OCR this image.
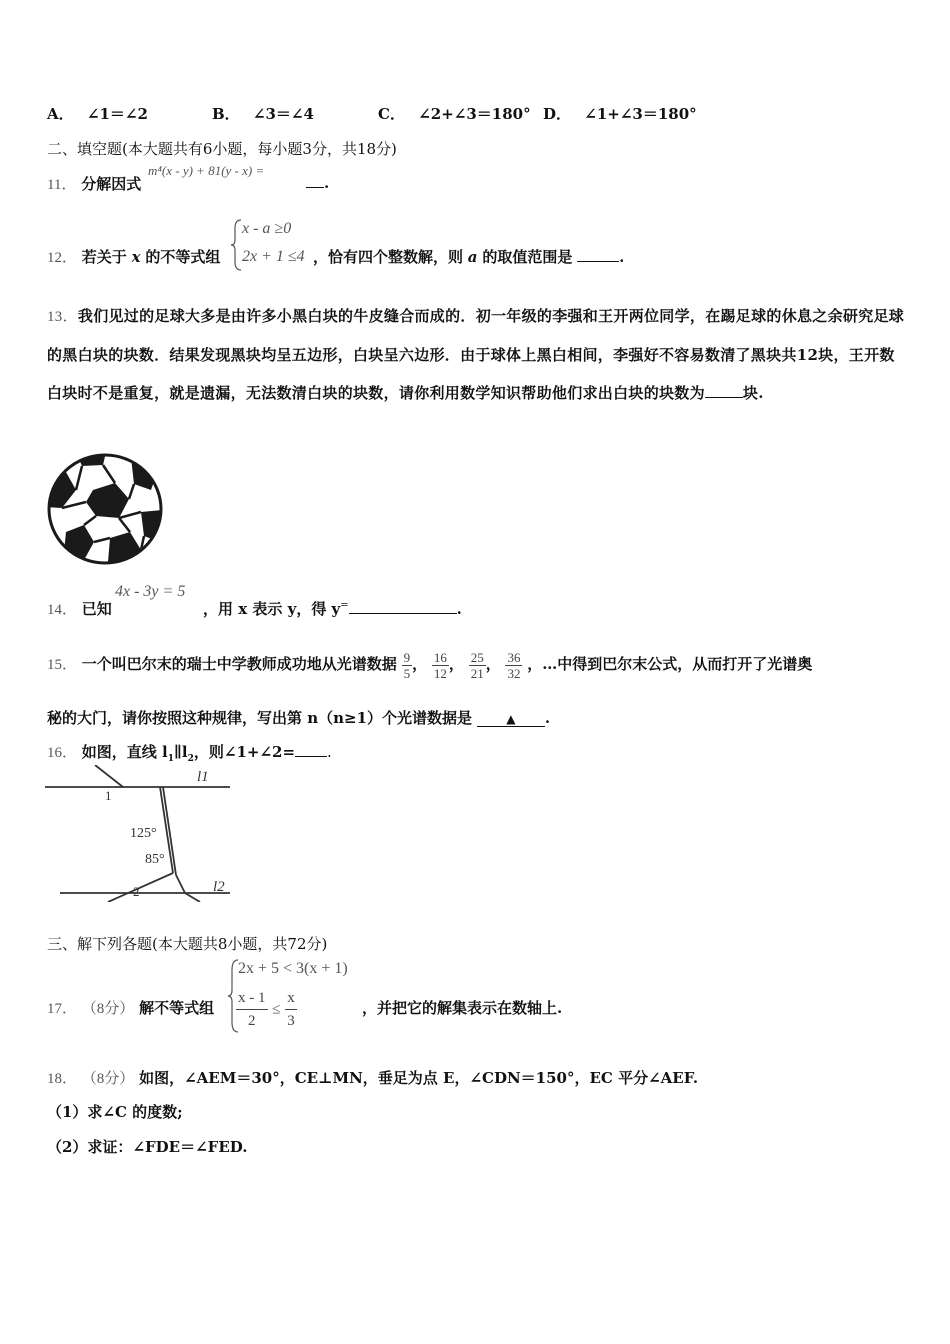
A． ∠1＝∠2	B． ∠3＝∠4	C． ∠2+∠3＝180° D． ∠1+∠3＝180°
二、填空题(本大题共有6小题，每小题3分，共18分)
11． 分解因式
m⁴(x - y) + 81(y - x) =
.
12． 若关于 x 的不等式组
x - a ≥0
2x + 1 ≤4 ，恰有四个整数解，则 a 的取值范围是	.
13．我们见过的足球大多是由许多小黑白块的牛皮缝合而成的．初一年级的李强和王开两位同学，在踢足球的休息之余研究足球的黑白块的块数．结果发现黑块均呈五边形，白块呈六边形．由于球体上黑白相间，李强好不容易数清了黑块共12块，王开数白块时不是重复，就是遗漏，无法数清白块的块数，请你利用数学知识帮助他们求出白块的块数为	块.
14． 已知
4x - 3y = 5
，用 x 表示 y，得 y=	.
15． 一个叫巴尔末的瑞士中学教师成功地从光谱数据 $\frac{9}{5}$ ， $\frac{16}{12}$ ， $\frac{25}{21}$ ， $\frac{36}{32}$ ，…中得到巴尔末公式，从而打开了光谱奥
秘的大门，请你按照这种规律，写出第 n（n≥1）个光谱数据是	▲ .
16． 如图，直线 $l_1\parallel l_2$，则∠1+∠2= .
l1
l2
1
2
125°
85°
三、解下列各题(本大题共8小题，共72分)
17． （8分） 解不等式组
2x + 5 < 3(x + 1)
$\frac{x - 1}{2} \le \frac{x}{3}$	，并把它的解集表示在数轴上.
18． （8分） 如图，∠AEM＝30°，CE⊥MN，垂足为点 E，∠CDN＝150°，EC 平分∠AEF.
（1）求∠C 的度数;
（2）求证：∠FDE＝∠FED.
